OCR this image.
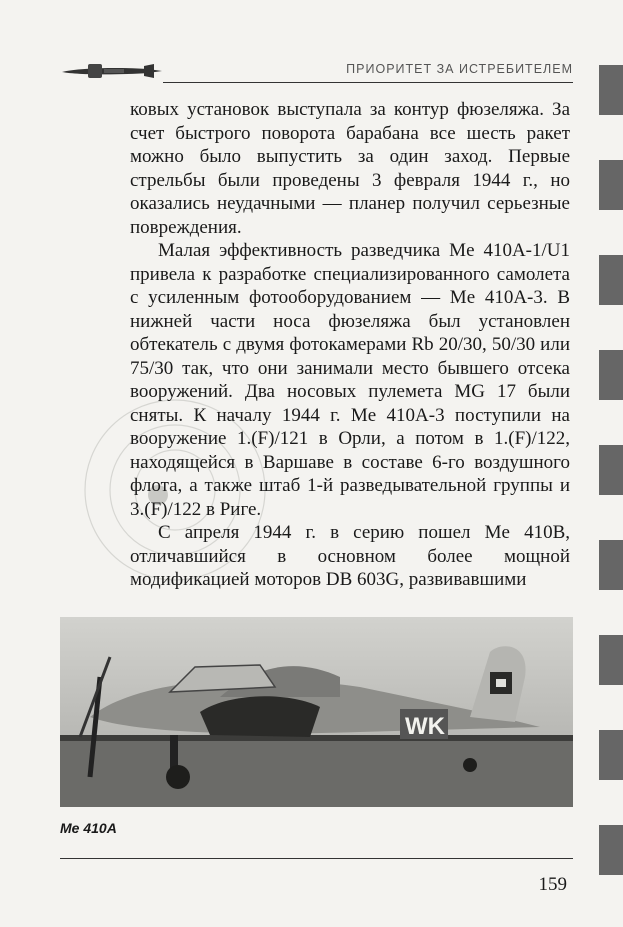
ПРИОРИТЕТ ЗА ИСТРЕБИТЕЛЕМ

ковых установок выступала за контур фюзеляжа. За счет быстрого поворота барабана все шесть ракет можно было выпустить за один заход. Первые стрельбы были проведены 3 февраля 1944 г., но оказались неудачными — планер получил серьезные повреждения.

Малая эффективность разведчика Me 410A-1/U1 привела к разработке специализированного самолета с усиленным фотооборудованием — Me 410A-3. В нижней части носа фюзеляжа был установлен обтекатель с двумя фотокамерами Rb 20/30, 50/30 или 75/30 так, что они занимали место бывшего отсека вооружений. Два носовых пулемета MG 17 были сняты. К началу 1944 г. Me 410A-3 поступили на вооружение 1.(F)/121 в Орли, а потом в 1.(F)/122, находящейся в Варшаве в составе 6-го воздушного флота, а также штаб 1-й разведывательной группы и 3.(F)/122 в Риге.

С апреля 1944 г. в серию пошел Me 410B, отличавшийся в основном более мощной модификацией моторов DB 603G, развивавшими

WK
Me 410A
159
